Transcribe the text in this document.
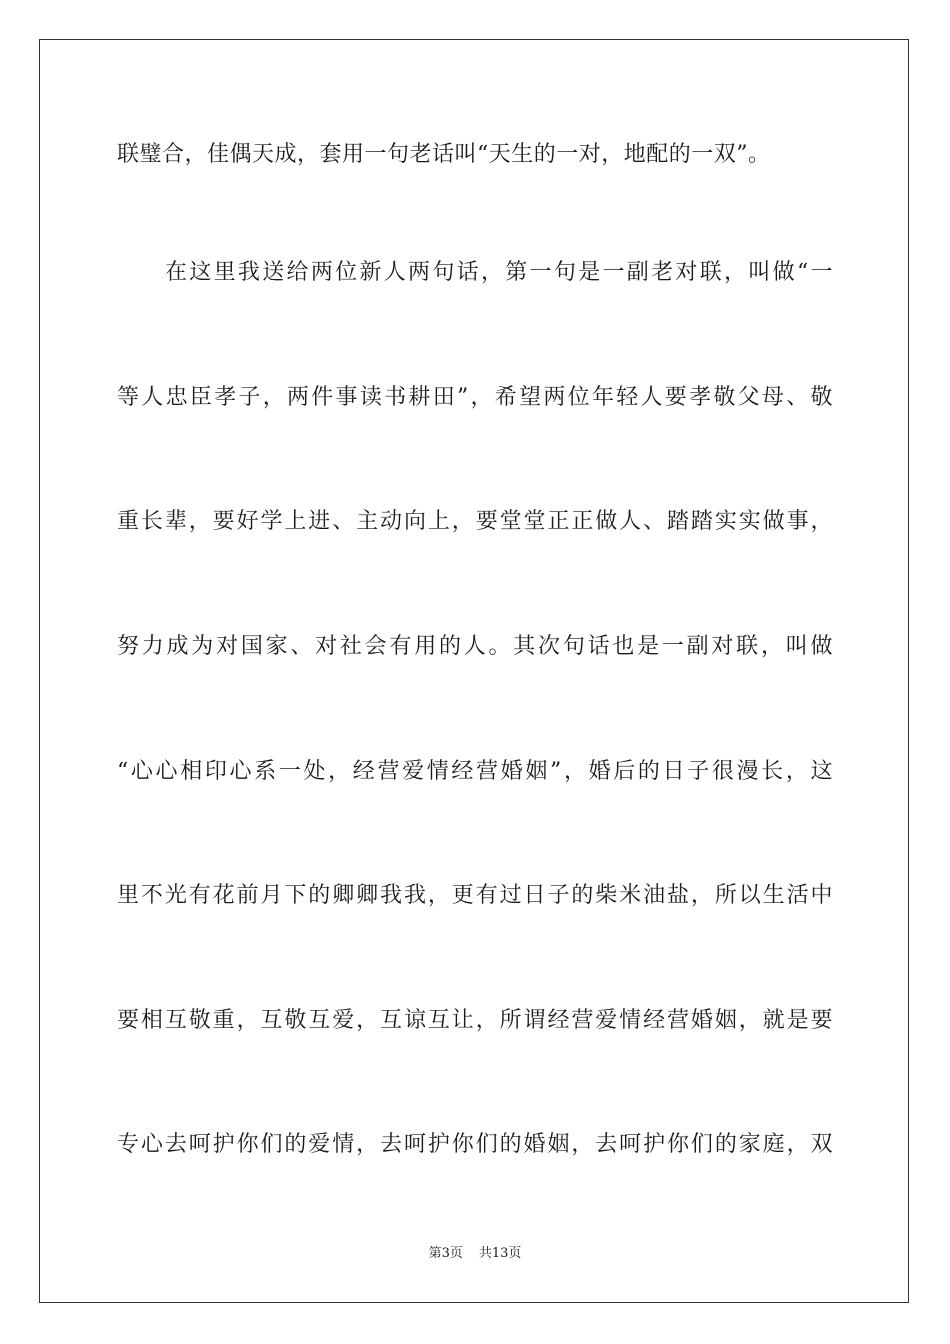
联璧合，佳偶天成，套用一句老话叫“天生的一对，地配的一双”。
在这里我送给两位新人两句话，第一句是一副老对联，叫做“一
等人忠臣孝子，两件事读书耕田”，希望两位年轻人要孝敬父母、敬
重长辈，要好学上进、主动向上，要堂堂正正做人、踏踏实实做事，
努力成为对国家、对社会有用的人。其次句话也是一副对联，叫做
“心心相印心系一处，经营爱情经营婚姻”，婚后的日子很漫长，这
里不光有花前月下的卿卿我我，更有过日子的柴米油盐，所以生活中
要相互敬重，互敬互爱，互谅互让，所谓经营爱情经营婚姻，就是要
专心去呵护你们的爱情，去呵护你们的婚姻，去呵护你们的家庭，双
第3页 共13页
